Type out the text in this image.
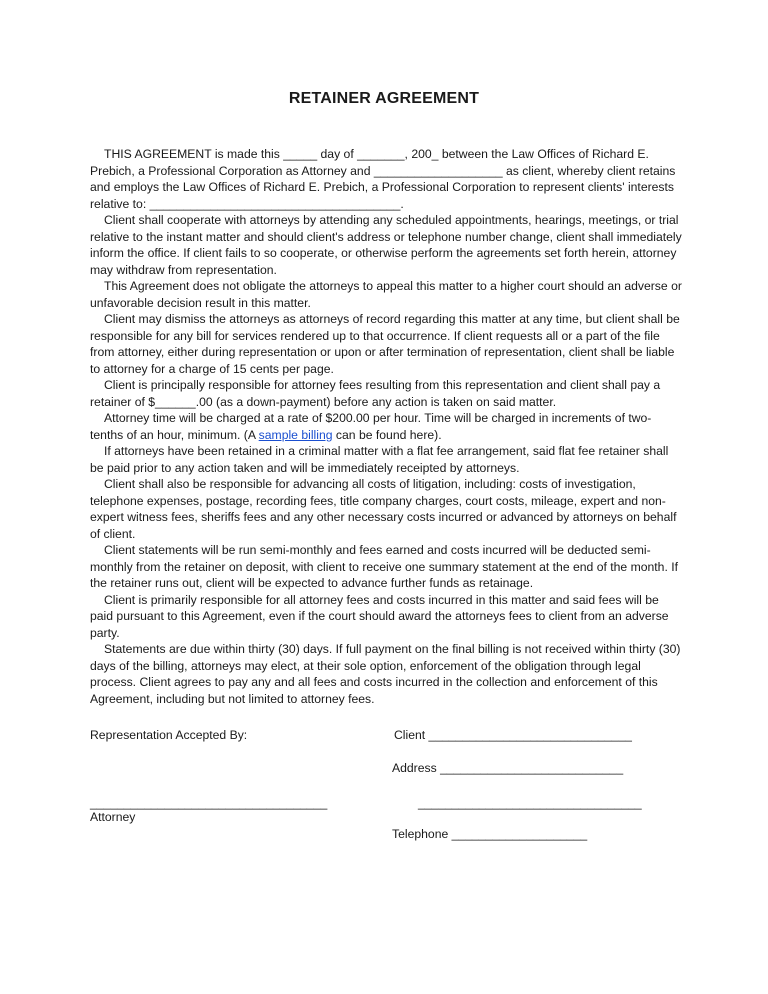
RETAINER AGREEMENT

THIS AGREEMENT is made this _____ day of _______, 200_ between the Law Offices of Richard E. Prebich, a Professional Corporation as Attorney and ___________________ as client, whereby client retains and employs the Law Offices of Richard E. Prebich, a Professional Corporation to represent clients' interests relative to: _____________________________________.

Client shall cooperate with attorneys by attending any scheduled appointments, hearings, meetings, or trial relative to the instant matter and should client's address or telephone number change, client shall immediately inform the office. If client fails to so cooperate, or otherwise perform the agreements set forth herein, attorney may withdraw from representation.

This Agreement does not obligate the attorneys to appeal this matter to a higher court should an adverse or unfavorable decision result in this matter.

Client may dismiss the attorneys as attorneys of record regarding this matter at any time, but client shall be responsible for any bill for services rendered up to that occurrence. If client requests all or a part of the file from attorney, either during representation or upon or after termination of representation, client shall be liable to attorney for a charge of 15 cents per page.

Client is principally responsible for attorney fees resulting from this representation and client shall pay a retainer of $______.00 (as a down-payment) before any action is taken on said matter.

Attorney time will be charged at a rate of $200.00 per hour. Time will be charged in increments of two-tenths of an hour, minimum. (A sample billing can be found here).

If attorneys have been retained in a criminal matter with a flat fee arrangement, said flat fee retainer shall be paid prior to any action taken and will be immediately receipted by attorneys.

Client shall also be responsible for advancing all costs of litigation, including: costs of investigation, telephone expenses, postage, recording fees, title company charges, court costs, mileage, expert and non-expert witness fees, sheriffs fees and any other necessary costs incurred or advanced by attorneys on behalf of client.

Client statements will be run semi-monthly and fees earned and costs incurred will be deducted semi-monthly from the retainer on deposit, with client to receive one summary statement at the end of the month. If the retainer runs out, client will be expected to advance further funds as retainage.

Client is primarily responsible for all attorney fees and costs incurred in this matter and said fees will be paid pursuant to this Agreement, even if the court should award the attorneys fees to client from an adverse party.

Statements are due within thirty (30) days. If full payment on the final billing is not received within thirty (30) days of the billing, attorneys may elect, at their sole option, enforcement of the obligation through legal process. Client agrees to pay any and all fees and costs incurred in the collection and enforcement of this Agreement, including but not limited to attorney fees.

Representation Accepted By:	Client ______________________________
Address ___________________________
___________________________________	_________________________________
Attorney
Telephone ____________________
